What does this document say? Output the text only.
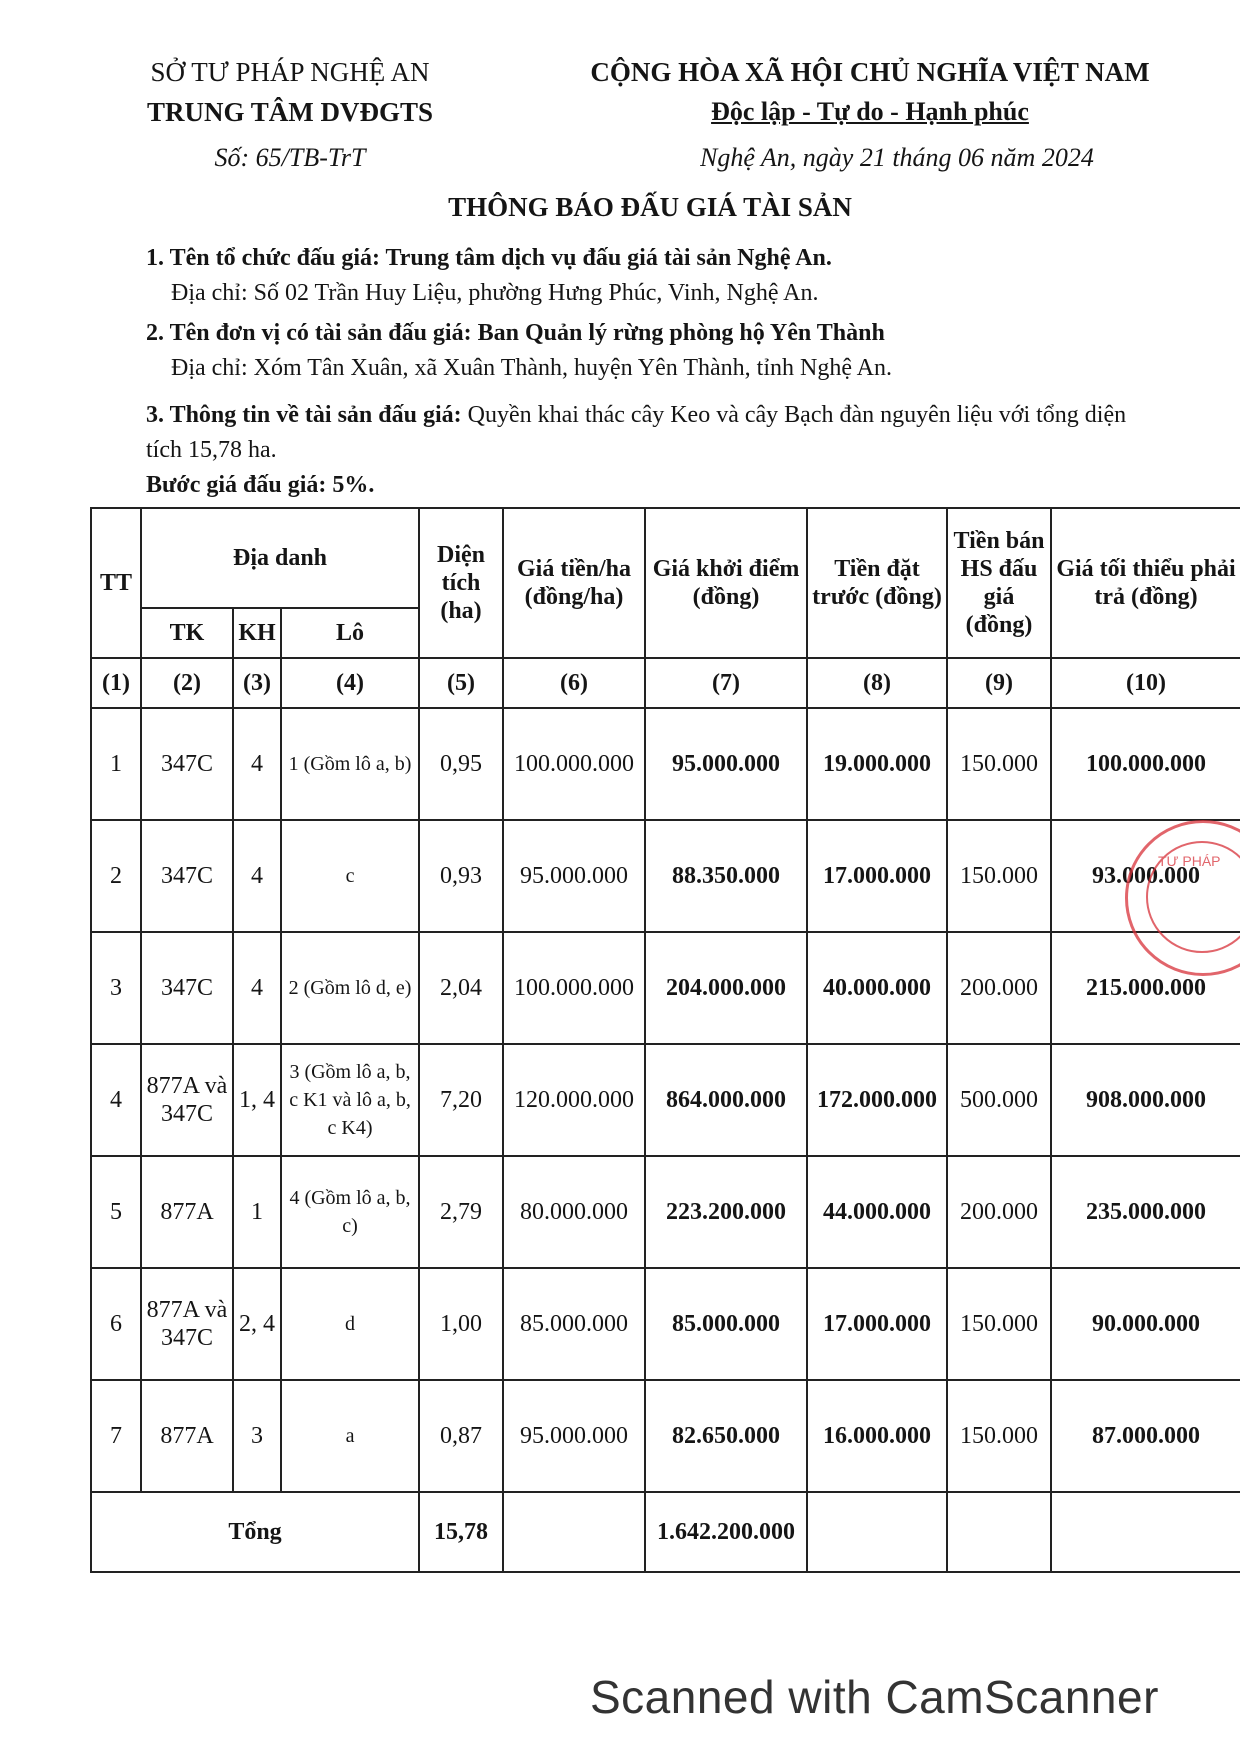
SỞ TƯ PHÁP NGHỆ AN
TRUNG TÂM DVĐGTS
CỘNG HÒA XÃ HỘI CHỦ NGHĨA VIỆT NAM
Độc lập - Tự do - Hạnh phúc
Số: 65/TB-TrT	Nghệ An, ngày 21 tháng 06 năm 2024
THÔNG BÁO ĐẤU GIÁ TÀI SẢN
1. Tên tổ chức đấu giá: Trung tâm dịch vụ đấu giá tài sản Nghệ An.
Địa chỉ: Số 02 Trần Huy Liệu, phường Hưng Phúc, Vinh, Nghệ An.
2. Tên đơn vị có tài sản đấu giá: Ban Quản lý rừng phòng hộ Yên Thành
Địa chỉ: Xóm Tân Xuân, xã Xuân Thành, huyện Yên Thành, tỉnh Nghệ An.
3. Thông tin về tài sản đấu giá: Quyền khai thác cây Keo và cây Bạch đàn nguyên liệu với tổng diện
tích 15,78 ha.
Bước giá đấu giá: 5%.
TT	Địa danh			Diện tích (ha)	Giá tiền/ha (đồng/ha)	Giá khởi điểm (đồng)	Tiền đặt trước (đồng)	Tiền bán HS đấu giá (đồng)	Giá tối thiểu phải trả (đồng)
	TK	KH	Lô						
(1)	(2)	(3)	(4)	(5)	(6)	(7)	(8)	(9)	(10)
1	347C	4	1 (Gồm lô a, b)	0,95	100.000.000	95.000.000	19.000.000	150.000	100.000.000
2	347C	4	c	0,93	95.000.000	88.350.000	17.000.000	150.000	93.000.000
3	347C	4	2 (Gồm lô d, e)	2,04	100.000.000	204.000.000	40.000.000	200.000	215.000.000
4	877A và 347C	1, 4	3 (Gồm lô a, b, c K1 và lô a, b, c K4)	7,20	120.000.000	864.000.000	172.000.000	500.000	908.000.000
5	877A	1	4 (Gồm lô a, b, c)	2,79	80.000.000	223.200.000	44.000.000	200.000	235.000.000
6	877A và 347C	2, 4	d	1,00	85.000.000	85.000.000	17.000.000	150.000	90.000.000
7	877A	3	a	0,87	95.000.000	82.650.000	16.000.000	150.000	87.000.000
Tổng				15,78		1.642.200.000			
TƯ PHÁP
Scanned with CamScanner
